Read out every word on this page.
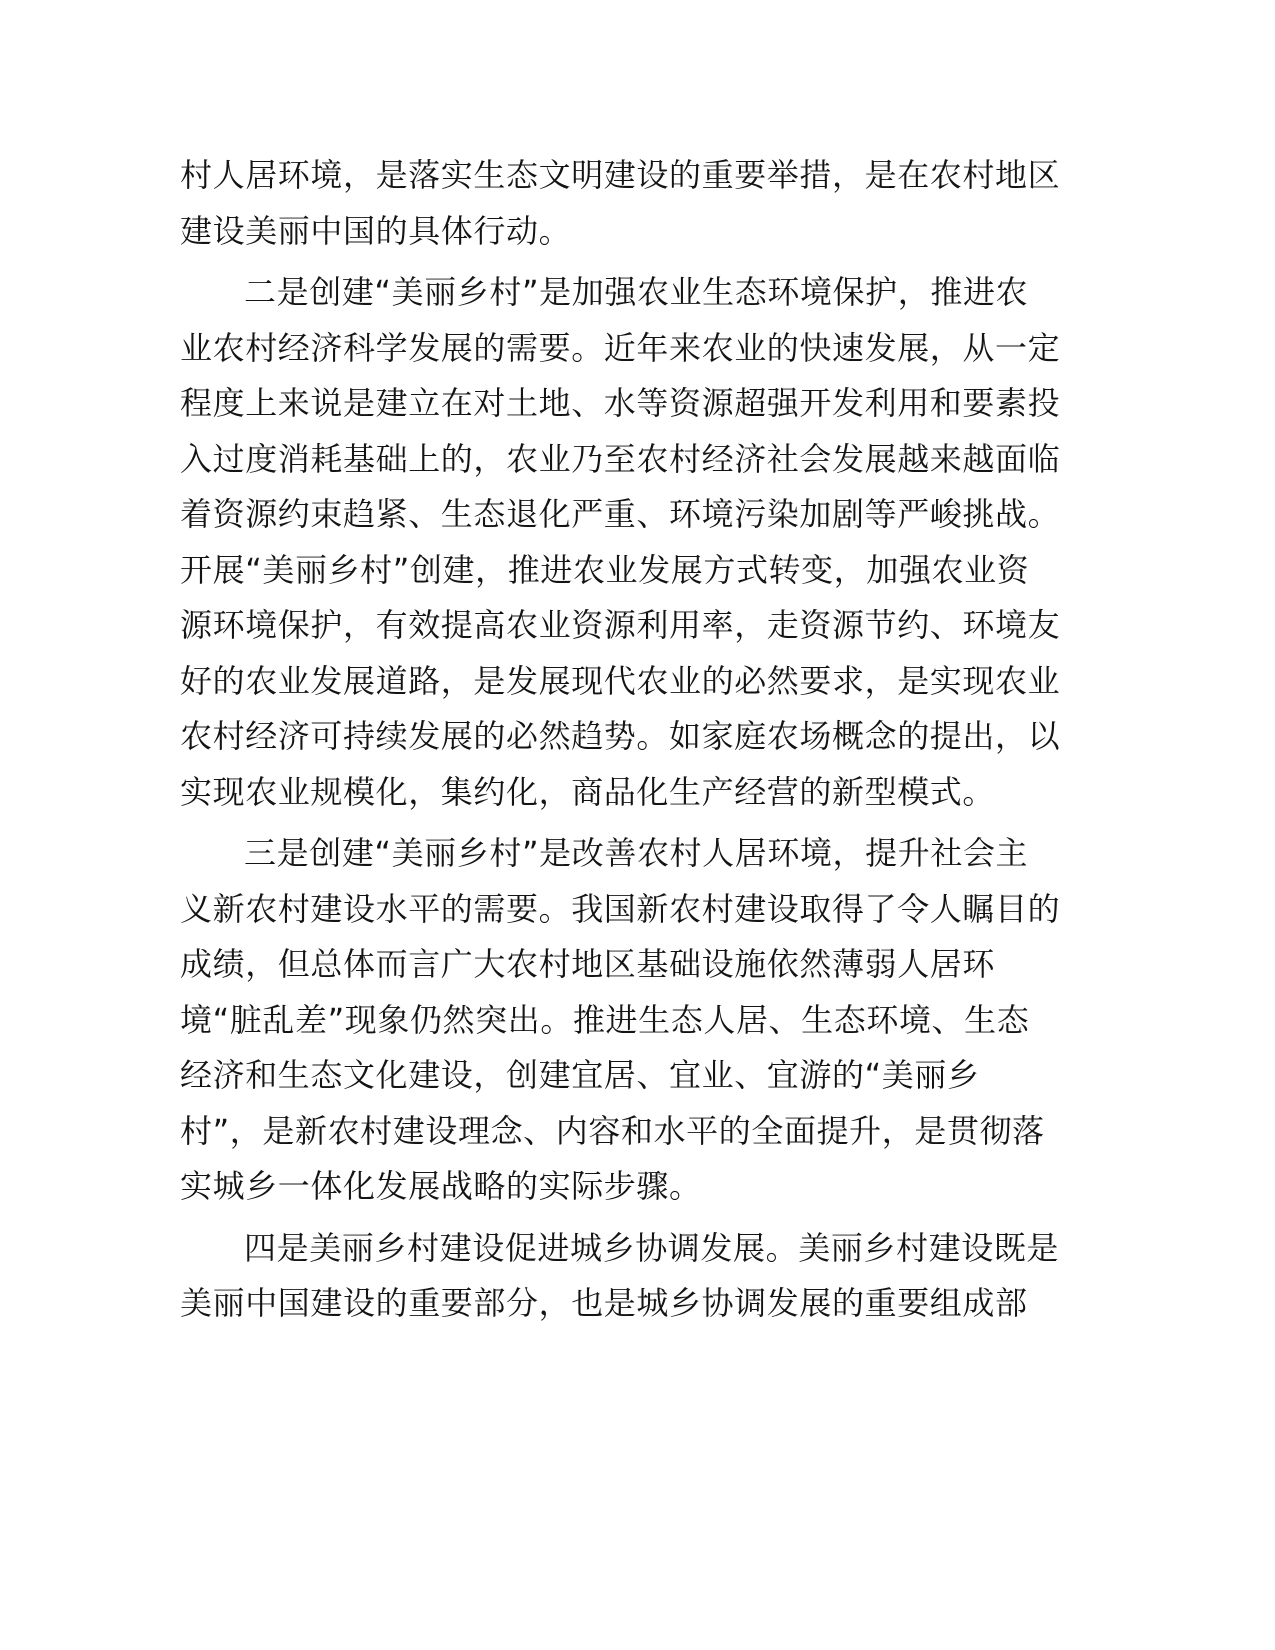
村人居环境，是落实生态文明建设的重要举措，是在农村地区
建设美丽中国的具体行动。

二是创建“美丽乡村”是加强农业生态环境保护，推进农
业农村经济科学发展的需要。近年来农业的快速发展，从一定
程度上来说是建立在对土地、水等资源超强开发利用和要素投
入过度消耗基础上的，农业乃至农村经济社会发展越来越面临
着资源约束趋紧、生态退化严重、环境污染加剧等严峻挑战。
开展“美丽乡村”创建，推进农业发展方式转变，加强农业资
源环境保护，有效提高农业资源利用率，走资源节约、环境友
好的农业发展道路，是发展现代农业的必然要求，是实现农业
农村经济可持续发展的必然趋势。如家庭农场概念的提出，以
实现农业规模化，集约化，商品化生产经营的新型模式。

三是创建“美丽乡村”是改善农村人居环境，提升社会主
义新农村建设水平的需要。我国新农村建设取得了令人瞩目的
成绩，但总体而言广大农村地区基础设施依然薄弱人居环
境“脏乱差”现象仍然突出。推进生态人居、生态环境、生态
经济和生态文化建设，创建宜居、宜业、宜游的“美丽乡
村”，是新农村建设理念、内容和水平的全面提升，是贯彻落
实城乡一体化发展战略的实际步骤。

四是美丽乡村建设促进城乡协调发展。美丽乡村建设既是
美丽中国建设的重要部分，也是城乡协调发展的重要组成部
